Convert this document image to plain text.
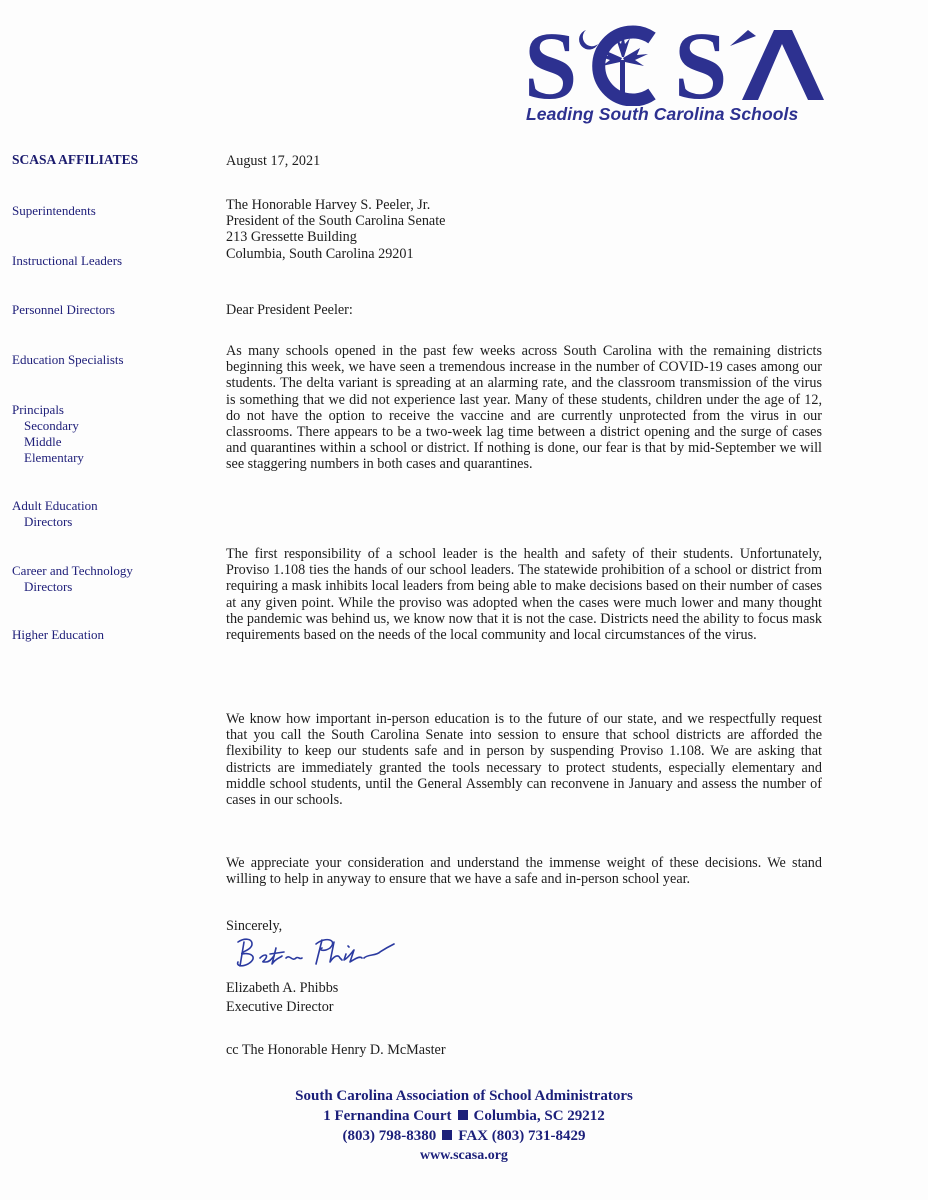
S S
Leading South Carolina Schools
SCASA AFFILIATES
Superintendents
Instructional Leaders
Personnel Directors
Education Specialists
Principals
Secondary
Middle
Elementary
Adult Education
Directors
Career and Technology
Directors
Higher Education
August 17, 2021
The Honorable Harvey S. Peeler, Jr.
President of the South Carolina Senate
213 Gressette Building
Columbia, South Carolina 29201
Dear President Peeler:

As many schools opened in the past few weeks across South Carolina with the remaining districts beginning this week, we have seen a tremendous increase in the number of COVID-19 cases among our students. The delta variant is spreading at an alarming rate, and the classroom transmission of the virus is something that we did not experience last year. Many of these students, children under the age of 12, do not have the option to receive the vaccine and are currently unprotected from the virus in our classrooms. There appears to be a two-week lag time between a district opening and the surge of cases and quarantines within a school or district. If nothing is done, our fear is that by mid-September we will see staggering numbers in both cases and quarantines.

The first responsibility of a school leader is the health and safety of their students. Unfortunately, Proviso 1.108 ties the hands of our school leaders. The statewide prohibition of a school or district from requiring a mask inhibits local leaders from being able to make decisions based on their number of cases at any given point. While the proviso was adopted when the cases were much lower and many thought the pandemic was behind us, we know now that it is not the case. Districts need the ability to focus mask requirements based on the needs of the local community and local circumstances of the virus.

We know how important in-person education is to the future of our state, and we respectfully request that you call the South Carolina Senate into session to ensure that school districts are afforded the flexibility to keep our students safe and in person by suspending Proviso 1.108. We are asking that districts are immediately granted the tools necessary to protect students, especially elementary and middle school students, until the General Assembly can reconvene in January and assess the number of cases in our schools.

We appreciate your consideration and understand the immense weight of these decisions. We stand willing to help in anyway to ensure that we have a safe and in-person school year.

Sincerely,
Elizabeth A. Phibbs
Executive Director
cc The Honorable Henry D. McMaster
South Carolina Association of School Administrators
1 Fernandina Court Columbia, SC 29212
(803) 798-8380 FAX (803) 731-8429
www.scasa.org
